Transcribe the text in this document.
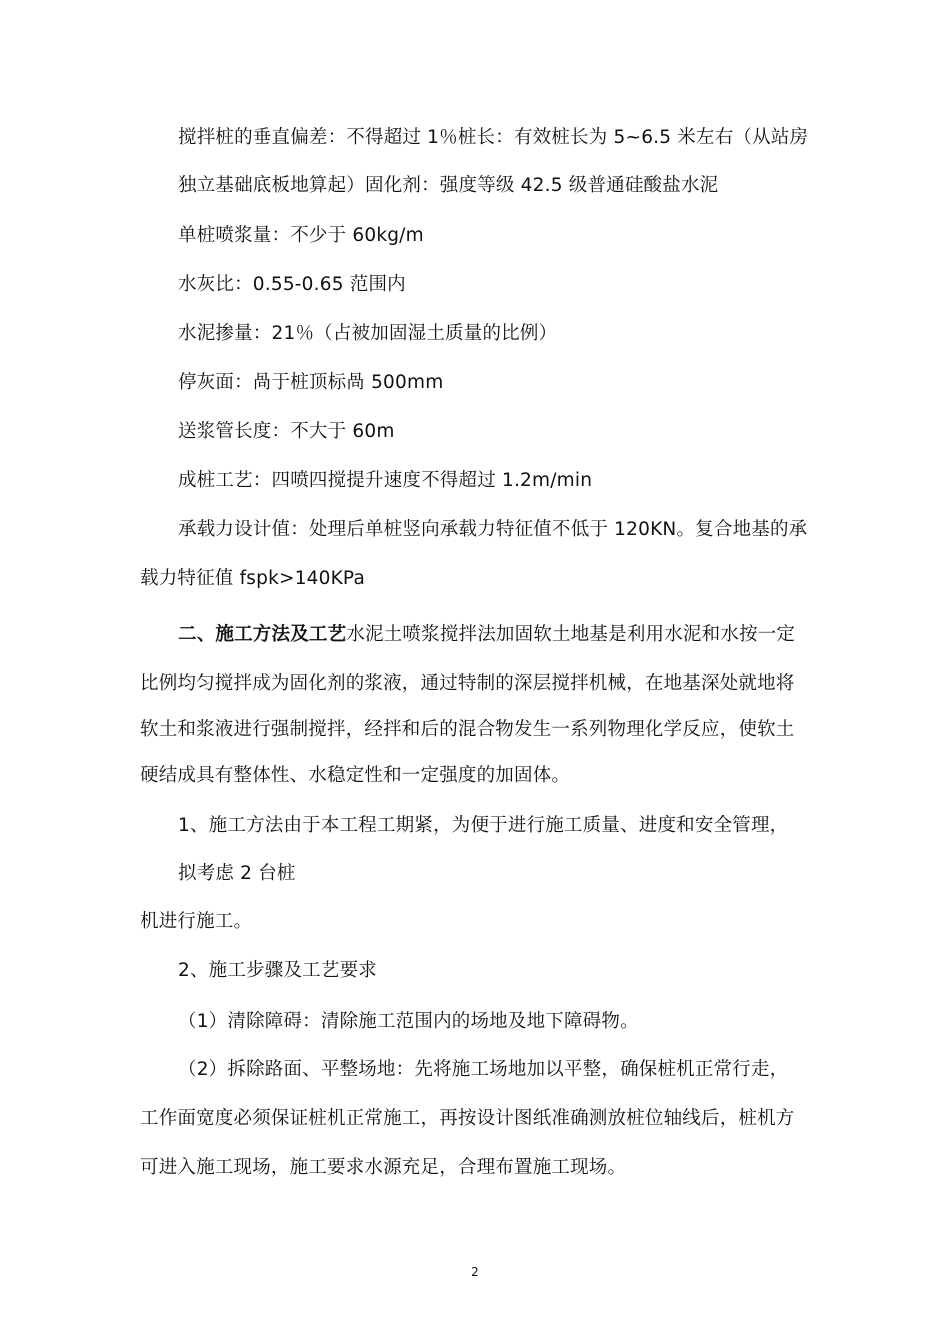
搅拌桩的垂直偏差：不得超过 1％桩长：有效桩长为 5~6.5 米左右（从站房
独立基础底板地算起）固化剂：强度等级 42.5 级普通硅酸盐水泥
单桩喷浆量：不少于 60kg/m
水灰比：0.55-0.65 范围内
水泥掺量：21％（占被加固湿土质量的比例）
停灰面：咼于桩顶标咼 500mm
送浆管长度：不大于 60m
成桩工艺：四喷四搅提升速度不得超过 1.2m/min
承载力设计值：处理后单桩竖向承载力特征值不低于 120KN。复合地基的承
载力特征值 fspk>140KPa
二、施工方法及工艺水泥土喷浆搅拌法加固软土地基是利用水泥和水按一定
比例均匀搅拌成为固化剂的浆液，通过特制的深层搅拌机械，在地基深处就地将
软土和浆液进行强制搅拌，经拌和后的混合物发生一系列物理化学反应，使软土
硬结成具有整体性、水稳定性和一定强度的加固体。
1、施工方法由于本工程工期紧，为便于进行施工质量、进度和安全管理，
拟考虑 2 台桩
机进行施工。
2、施工步骤及工艺要求
（1）清除障碍：清除施工范围内的场地及地下障碍物。
（2）拆除路面、平整场地：先将施工场地加以平整，确保桩机正常行走，
工作面宽度必须保证桩机正常施工，再按设计图纸准确测放桩位轴线后，桩机方
可进入施工现场，施工要求水源充足，合理布置施工现场。
2
